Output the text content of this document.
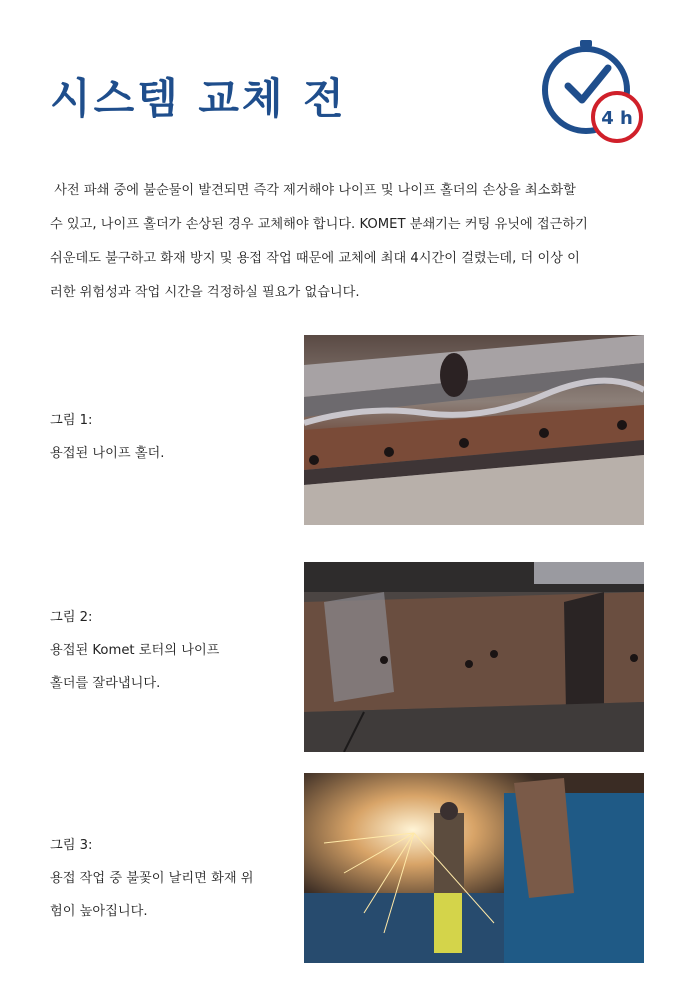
시스템 교체 전	4 h
사전 파쇄 중에 불순물이 발견되면 즉각 제거해야 나이프 및 나이프 홀더의 손상을 최소화할
수 있고, 나이프 홀더가 손상된 경우 교체해야 합니다. KOMET 분쇄기는 커팅 유닛에 접근하기
쉬운데도 불구하고 화재 방지 및 용접 작업 때문에 교체에 최대 4시간이 걸렸는데, 더 이상 이
러한 위험성과 작업 시간을 걱정하실 필요가 없습니다.
그림 1:
용접된 나이프 홀더.
그림 2:
용접된 Komet 로터의 나이프
홀더를 잘라냅니다.
그림 3:
용접 작업 중 불꽃이 날리면 화재 위
험이 높아집니다.
